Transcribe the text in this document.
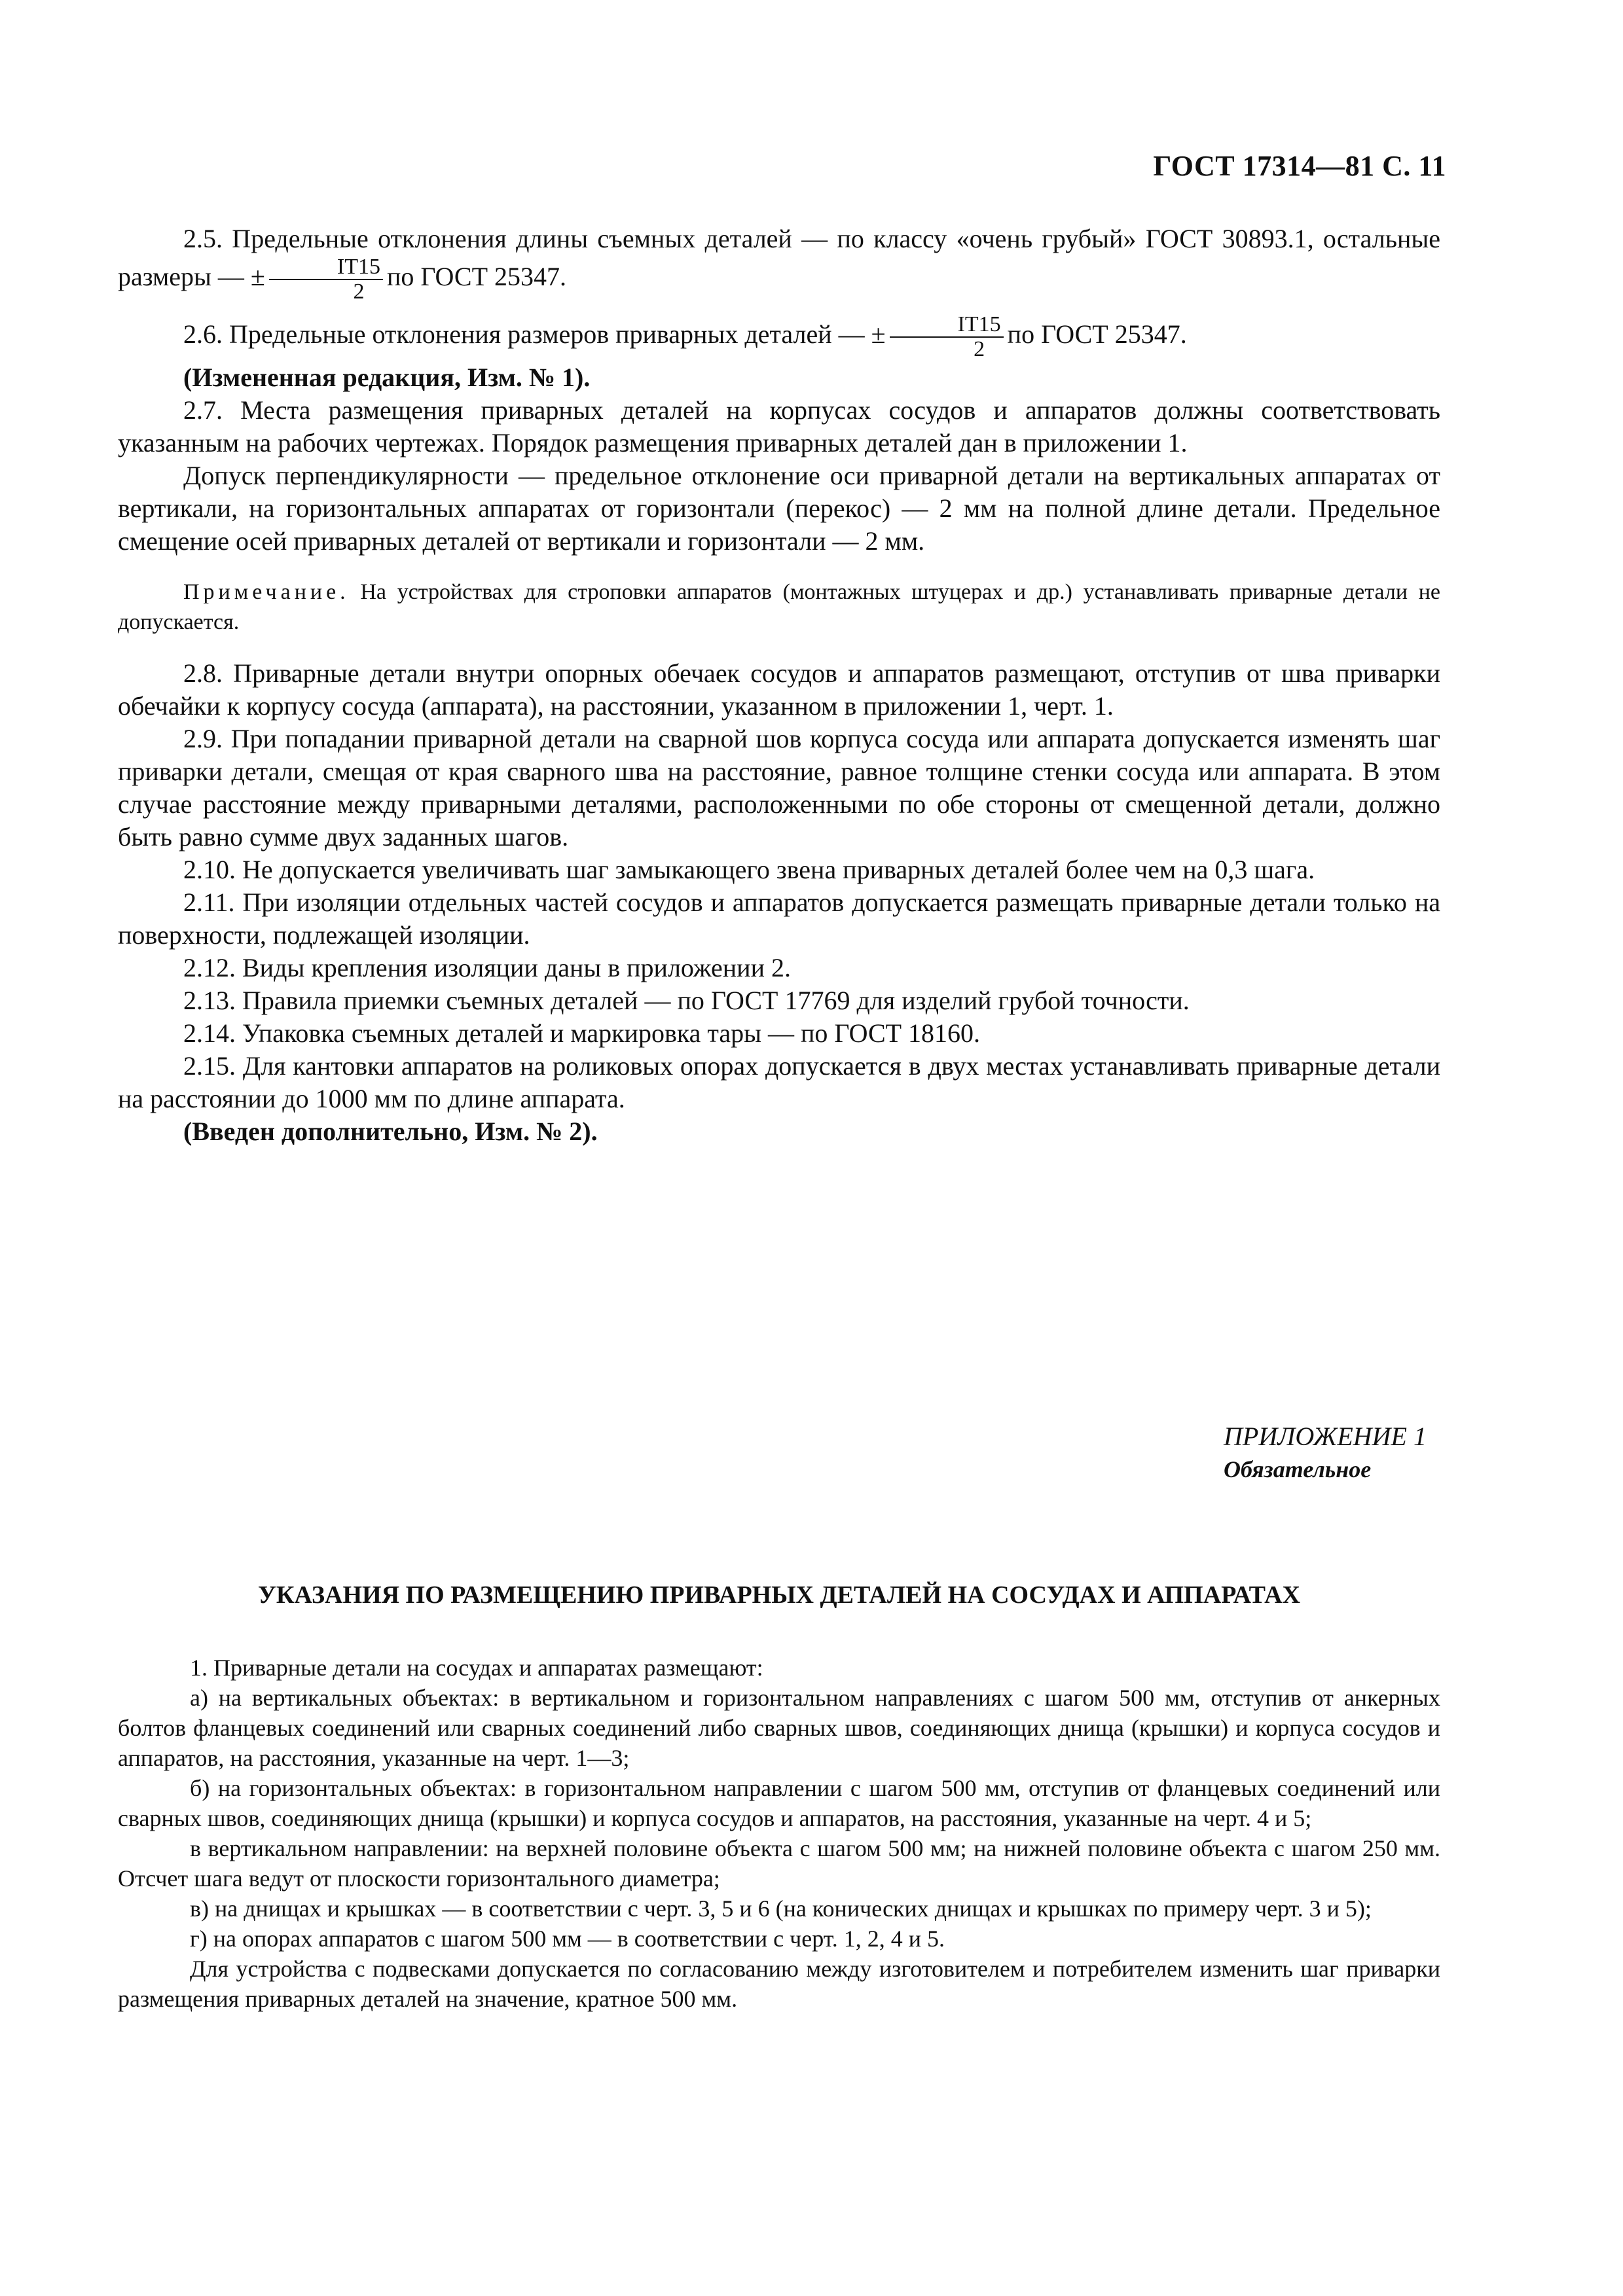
ГОСТ 17314—81 С. 11

2.5. Предельные отклонения длины съемных деталей — по классу «очень грубый» ГОСТ 30893.1, остальные размеры — ± $\frac{IT15}{2}$ по ГОСТ 25347.

2.6. Предельные отклонения размеров приварных деталей — ± $\frac{IT15}{2}$ по ГОСТ 25347.

(Измененная редакция, Изм. № 1).

2.7. Места размещения приварных деталей на корпусах сосудов и аппаратов должны соответствовать указанным на рабочих чертежах. Порядок размещения приварных деталей дан в приложении 1.

Допуск перпендикулярности — предельное отклонение оси приварной детали на вертикальных аппаратах от вертикали, на горизонтальных аппаратах от горизонтали (перекос) — 2 мм на полной длине детали. Предельное смещение осей приварных деталей от вертикали и горизонтали — 2 мм.

Примечание. На устройствах для строповки аппаратов (монтажных штуцерах и др.) устанавливать приварные детали не допускается.

2.8. Приварные детали внутри опорных обечаек сосудов и аппаратов размещают, отступив от шва приварки обечайки к корпусу сосуда (аппарата), на расстоянии, указанном в приложении 1, черт. 1.

2.9. При попадании приварной детали на сварной шов корпуса сосуда или аппарата допускается изменять шаг приварки детали, смещая от края сварного шва на расстояние, равное толщине стенки сосуда или аппарата. В этом случае расстояние между приварными деталями, расположенными по обе стороны от смещенной детали, должно быть равно сумме двух заданных шагов.

2.10. Не допускается увеличивать шаг замыкающего звена приварных деталей более чем на 0,3 шага.

2.11. При изоляции отдельных частей сосудов и аппаратов допускается размещать приварные детали только на поверхности, подлежащей изоляции.

2.12. Виды крепления изоляции даны в приложении 2.

2.13. Правила приемки съемных деталей — по ГОСТ 17769 для изделий грубой точности.

2.14. Упаковка съемных деталей и маркировка тары — по ГОСТ 18160.

2.15. Для кантовки аппаратов на роликовых опорах допускается в двух местах устанавливать приварные детали на расстоянии до 1000 мм по длине аппарата.

(Введен дополнительно, Изм. № 2).

ПРИЛОЖЕНИЕ 1
Обязательное
УКАЗАНИЯ ПО РАЗМЕЩЕНИЮ ПРИВАРНЫХ ДЕТАЛЕЙ НА СОСУДАХ И АППАРАТАХ

1. Приварные детали на сосудах и аппаратах размещают:

а) на вертикальных объектах: в вертикальном и горизонтальном направлениях с шагом 500 мм, отступив от анкерных болтов фланцевых соединений или сварных соединений либо сварных швов, соединяющих днища (крышки) и корпуса сосудов и аппаратов, на расстояния, указанные на черт. 1—3;

б) на горизонтальных объектах: в горизонтальном направлении с шагом 500 мм, отступив от фланцевых соединений или сварных швов, соединяющих днища (крышки) и корпуса сосудов и аппаратов, на расстояния, указанные на черт. 4 и 5;

в вертикальном направлении: на верхней половине объекта с шагом 500 мм; на нижней половине объекта с шагом 250 мм. Отсчет шага ведут от плоскости горизонтального диаметра;

в) на днищах и крышках — в соответствии с черт. 3, 5 и 6 (на конических днищах и крышках по примеру черт. 3 и 5);

г) на опорах аппаратов с шагом 500 мм — в соответствии с черт. 1, 2, 4 и 5.

Для устройства с подвесками допускается по согласованию между изготовителем и потребителем изменить шаг приварки размещения приварных деталей на значение, кратное 500 мм.
